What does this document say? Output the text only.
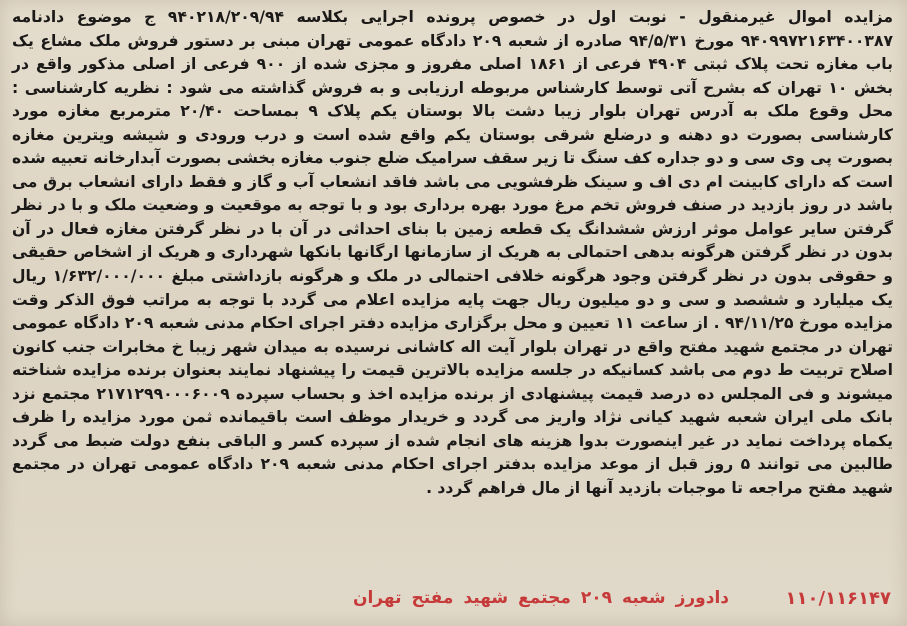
مزایده اموال غیرمنقول - نوبت اول در خصوص پرونده اجرایی بکلاسه ۹۴۰۲۱۸/۲۰۹/۹۴ ج موضوع دادنامه ۹۴۰۹۹۷۲۱۶۳۴۰۰۳۸۷ مورخ ۹۴/۵/۳۱ صادره از شعبه ۲۰۹ دادگاه عمومی تهران مبنی بر دستور فروش ملک مشاع یک باب مغازه تحت پلاک ثبتی ۴۹۰۴ فرعی از ۱۸۶۱ اصلی مفروز و مجزی شده از ۹۰۰ فرعی از اصلی مذکور واقع در بخش ۱۰ تهران که بشرح آتی توسط کارشناس مربوطه ارزیابی و به فروش گذاشته می شود : نظریه کارشناسی : محل وقوع ملک به آدرس تهران بلوار زیبا دشت بالا بوستان یکم پلاک ۹ بمساحت ۲۰/۴۰ مترمربع مغازه مورد کارشناسی بصورت دو دهنه و درضلع شرقی بوستان یکم واقع شده است و درب ورودی و شیشه ویترین مغازه بصورت پی وی سی و دو جداره کف سنگ تا زیر سقف سرامیک ضلع جنوب مغازه بخشی بصورت آبدارخانه تعبیه شده است که دارای کابینت ام دی اف و سینک ظرفشویی می باشد فاقد انشعاب آب و گاز و فقط دارای انشعاب برق می باشد در روز بازدید در صنف فروش تخم مرغ مورد بهره برداری بود و با توجه به موقعیت و وضعیت ملک و با در نظر گرفتن سایر عوامل موثر ارزش ششدانگ یک قطعه زمین با بنای احداثی در آن با در نظر گرفتن مغازه فعال در آن بدون در نظر گرفتن هرگونه بدهی احتمالی به هریک از سازمانها ارگانها بانکها شهرداری و هریک از اشخاص حقیقی و حقوقی بدون در نظر گرفتن وجود هرگونه خلافی احتمالی در ملک و هرگونه بازداشتی مبلغ ۱/۶۳۲/۰۰۰/۰۰۰ ریال یک میلیارد و ششصد و سی و دو میلیون ریال جهت پایه مزایده اعلام می گردد با توجه به مراتب فوق الذکر وقت مزایده مورخ ۹۴/۱۱/۲۵ . از ساعت ۱۱ تعیین و محل برگزاری مزایده دفتر اجرای احکام مدنی شعبه ۲۰۹ دادگاه عمومی تهران در مجتمع شهید مفتح واقع در تهران بلوار آیت اله کاشانی نرسیده به میدان شهر زیبا خ مخابرات جنب کانون اصلاح تربیت ط دوم می باشد کسانیکه در جلسه مزایده بالاترین قیمت را پیشنهاد نمایند بعنوان برنده مزایده شناخته میشوند و فی المجلس ده درصد قیمت پیشنهادی از برنده مزایده اخذ و بحساب سپرده ۲۱۷۱۲۹۹۰۰۰۶۰۰۹ مجتمع نزد بانک ملی ایران شعبه شهید کیانی نژاد واریز می گردد و خریدار موظف است باقیمانده ثمن مورد مزایده را ظرف یکماه پرداخت نماید در غیر اینصورت بدوا هزینه های انجام شده از سپرده کسر و الباقی بنفع دولت ضبط می گردد طالبین می توانند ۵ روز قبل از موعد مزایده بدفتر اجرای احکام مدنی شعبه ۲۰۹ دادگاه عمومی تهران در مجتمع شهید مفتح مراجعه تا موجبات بازدید آنها از مال فراهم گردد .

دادورز
شعبه
۲۰۹
مجتمع
شهید
مفتح
تهران	۱۱۰/۱۱۶۱۴۷
